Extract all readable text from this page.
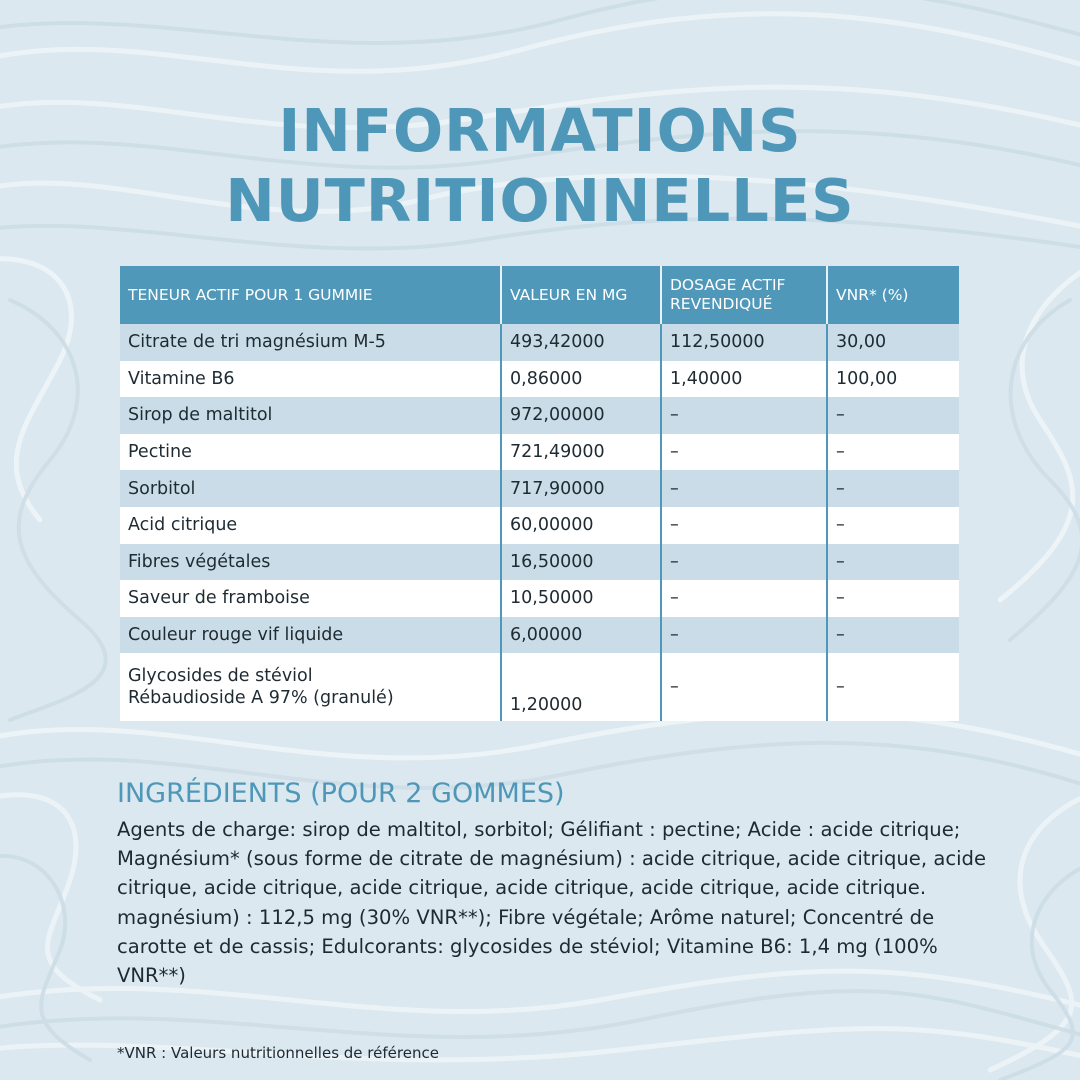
INFORMATIONS
NUTRITIONNELLES
TENEUR ACTIF POUR 1 GUMMIE	VALEUR EN MG	DOSAGE ACTIF REVENDIQUÉ	VNR* (%)
Citrate de tri magnésium M-5	493,42000	112,50000	30,00
Vitamine B6	0,86000	1,40000	100,00
Sirop de maltitol	972,00000	–	–
Pectine	721,49000	–	–
Sorbitol	717,90000	–	–
Acid citrique	60,00000	–	–
Fibres végétales	16,50000	–	–
Saveur de framboise	10,50000	–	–
Couleur rouge vif liquide	6,00000	–	–

Glycosides de stéviol
Rébaudioside A 97% (granulé)	1,20000	–	–
INGRÉDIENTS (POUR 2 GOMMES)
Agents de charge: sirop de maltitol, sorbitol; Gélifiant : pectine; Acide : acide citrique; Magnésium* (sous forme de citrate de magnésium) : acide citrique, acide citrique, acide citrique, acide citrique, acide citrique, acide citrique, acide citrique, acide citrique. magnésium) : 112,5 mg (30% VNR**); Fibre végétale; Arôme naturel; Concentré de carotte et de cassis; Edulcorants: glycosides de stéviol; Vitamine B6: 1,4 mg (100% VNR**)
*VNR : Valeurs nutritionnelles de référence
